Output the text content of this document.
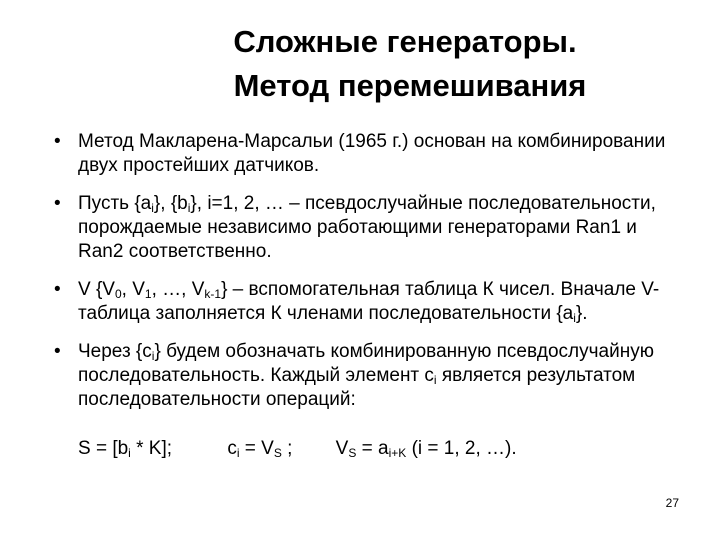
Сложные генераторы.
Метод перемешивания
• Метод Макларена-Марсальи (1965 г.) основан на комбинировании двух простейших датчиков.
• Пусть $\{a_i\}$, $\{b_i\}$, i=1, 2, … – псевдослучайные последовательности, порождаемые независимо работающими генераторами Ran1 и Ran2 соответственно.
• V {$V_0$, $V_1$, …, $V_{k-1}$} – вспомогательная таблица К чисел. Вначале V-таблица заполняется К членами последовательности $\{a_i\}$.
• Через $\{c_i\}$ будем обозначать комбинированную псевдослучайную последовательность. Каждый элемент $c_i$ является результатом последовательности операций:
$S = [b_i * K]$;	$c_i = V_S$ ; $V_S = a_{i+K}$ (i = 1, 2, …).
27
